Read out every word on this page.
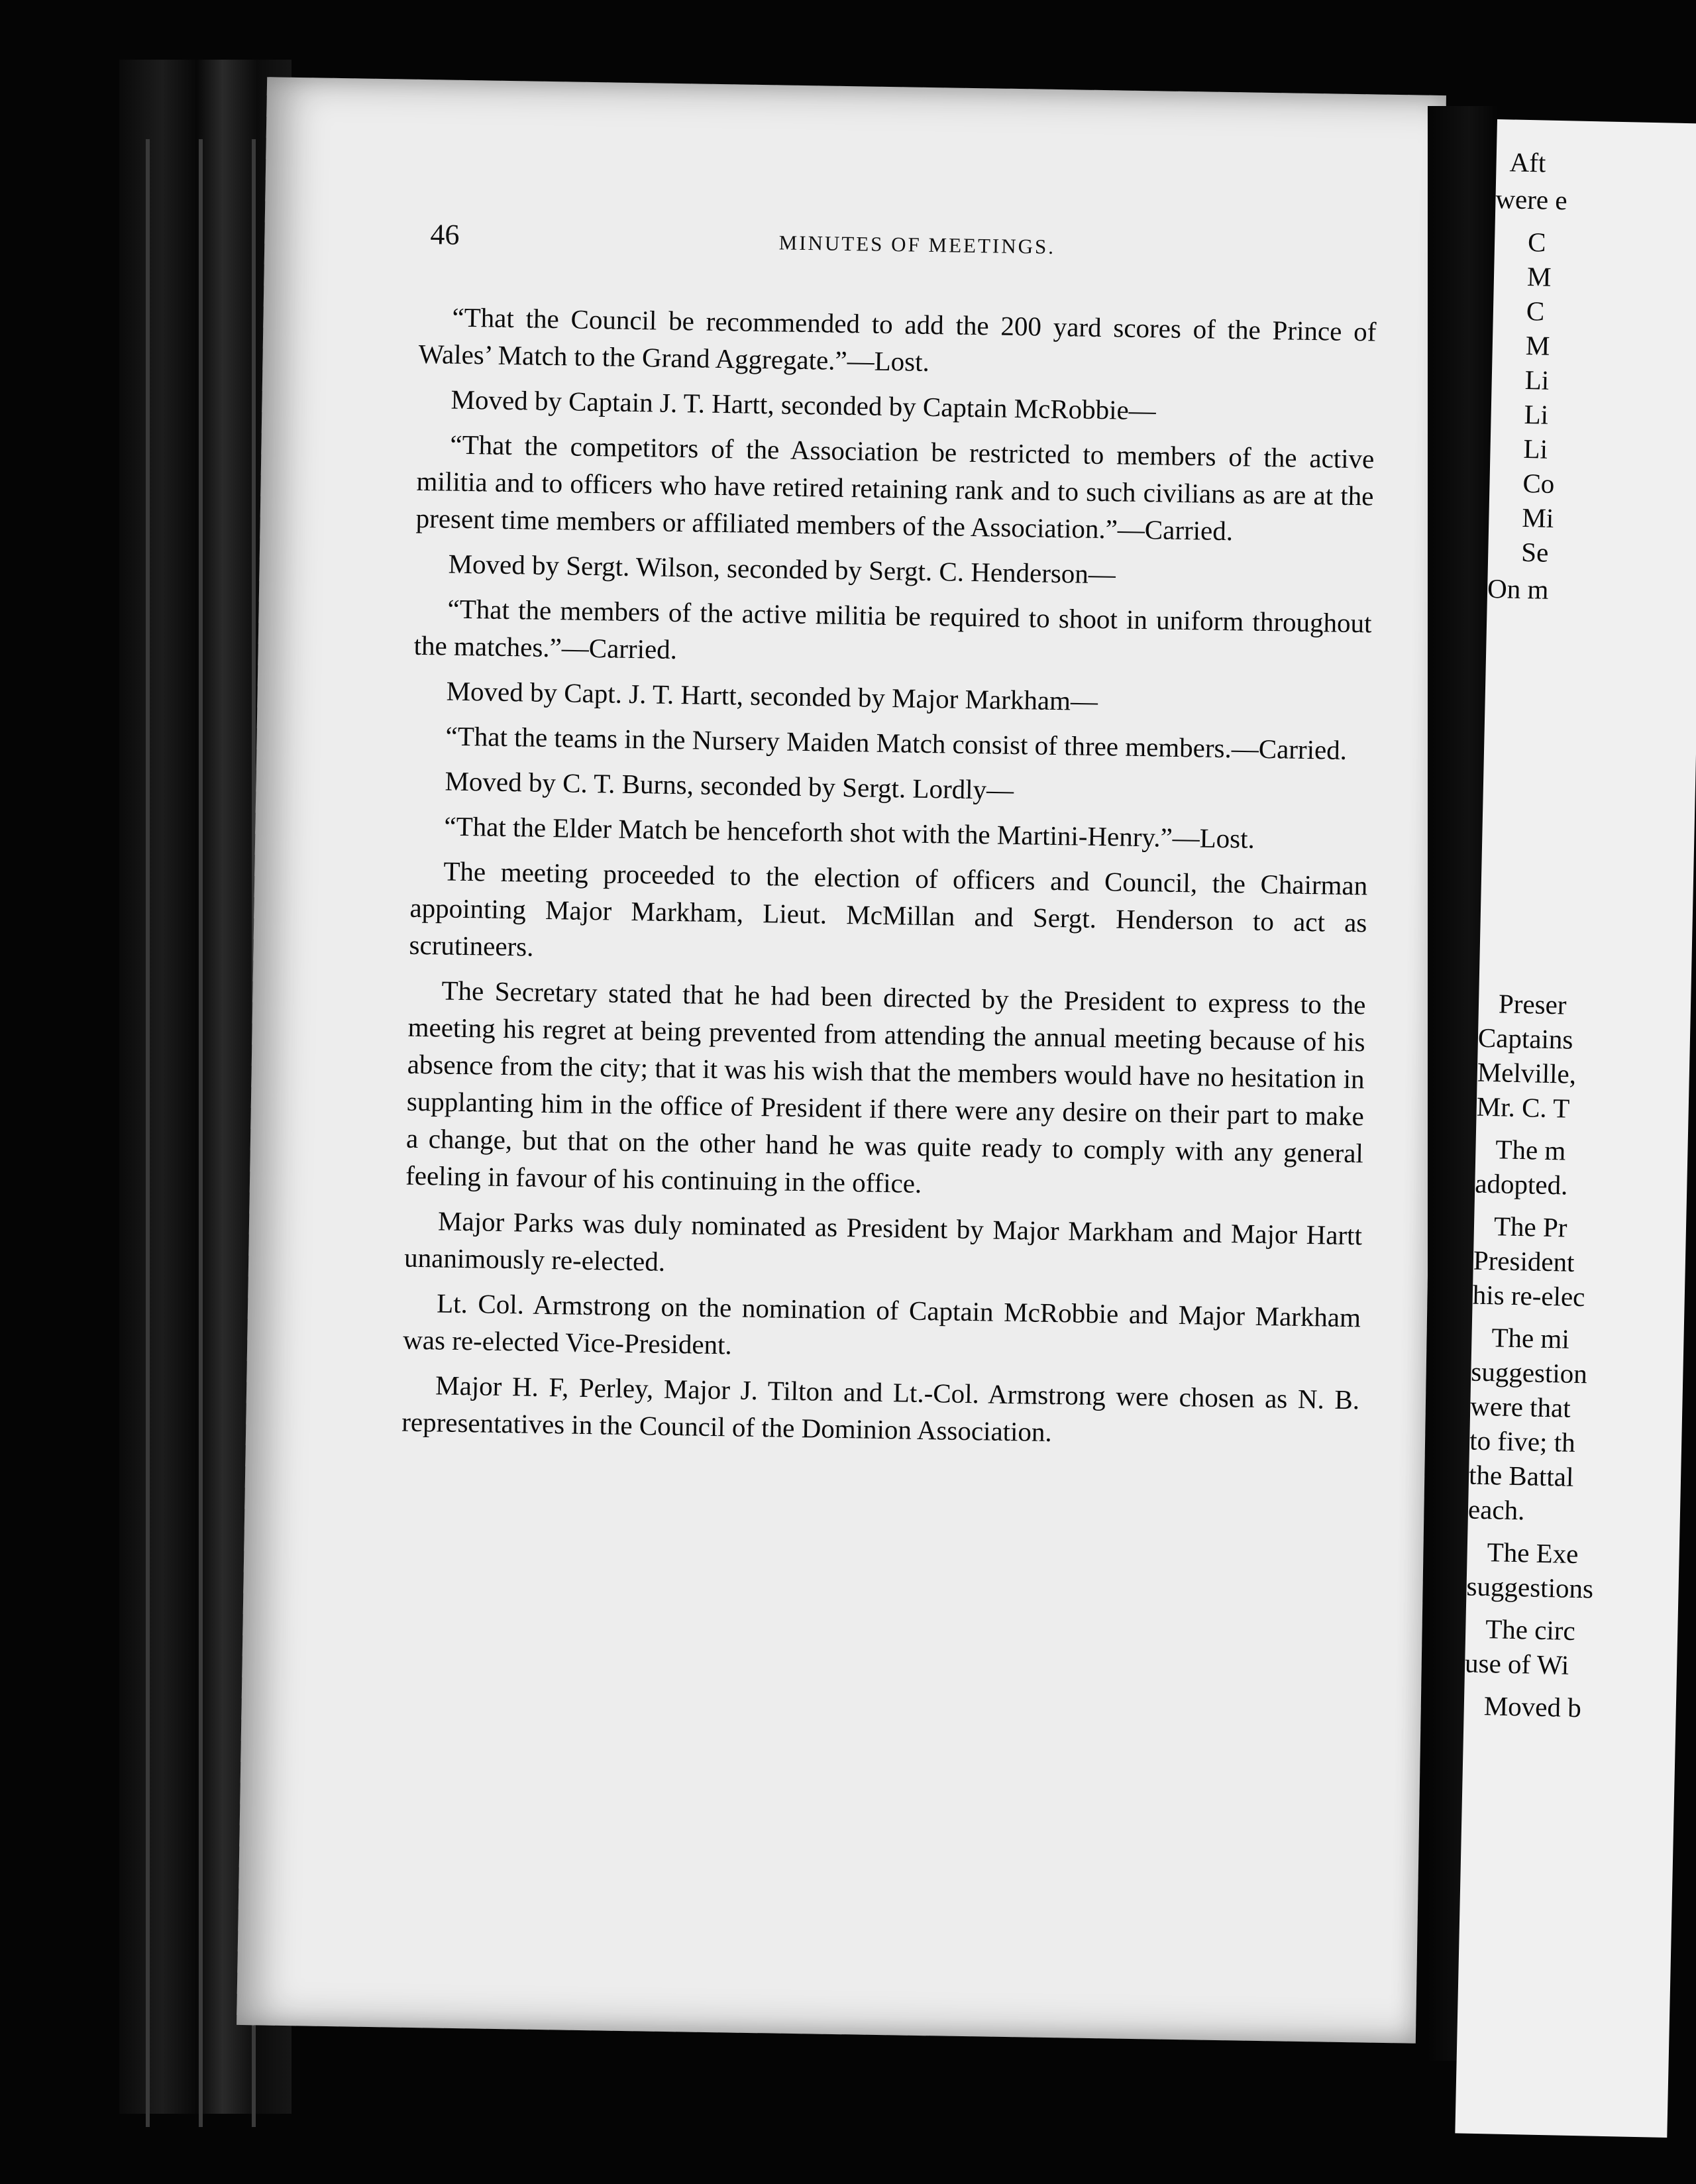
46	MINUTES OF MEETINGS.

“That the Council be recommended to add the 200 yard scores of the Prince of Wales’ Match to the Grand Aggregate.”—Lost.

Moved by Captain J. T. Hartt, seconded by Captain McRobbie—

“That the competitors of the Association be restricted to members of the active militia and to officers who have retired retaining rank and to such civilians as are at the present time members or affiliated members of the Association.”—Carried.

Moved by Sergt. Wilson, seconded by Sergt. C. Henderson—

“That the members of the active militia be required to shoot in uniform throughout the matches.”—Carried.

Moved by Capt. J. T. Hartt, seconded by Major Markham—

“That the teams in the Nursery Maiden Match consist of three members.—Carried.

Moved by C. T. Burns, seconded by Sergt. Lordly—

“That the Elder Match be henceforth shot with the Martini-Henry.”—Lost.

The meeting proceeded to the election of officers and Council, the Chairman appointing Major Markham, Lieut. McMillan and Sergt. Henderson to act as scrutineers.

The Secretary stated that he had been directed by the President to express to the meeting his regret at being prevented from attending the annual meeting because of his absence from the city; that it was his wish that the members would have no hesitation in supplanting him in the office of President if there were any desire on their part to make a change, but that on the other hand he was quite ready to comply with any general feeling in favour of his continuing in the office.

Major Parks was duly nominated as President by Major Markham and Major Hartt unanimously re-elected.

Lt. Col. Armstrong on the nomination of Captain McRobbie and Major Markham was re-elected Vice-President.

Major H. F, Perley, Major J. Tilton and Lt.-Col. Armstrong were chosen as N. B. representatives in the Council of the Dominion Association.

Aft
were e
C
M
C
M
Li
Li
Li
Co
Mi
Se
On m
Preser
Captains
Melville,
Mr. C. T
The m
adopted.
The Pr
President
his re-elec
The mi
suggestion
were that
to five; th
the Battal
each.
The Exe
suggestions
The circ
use of Wi
Moved b
